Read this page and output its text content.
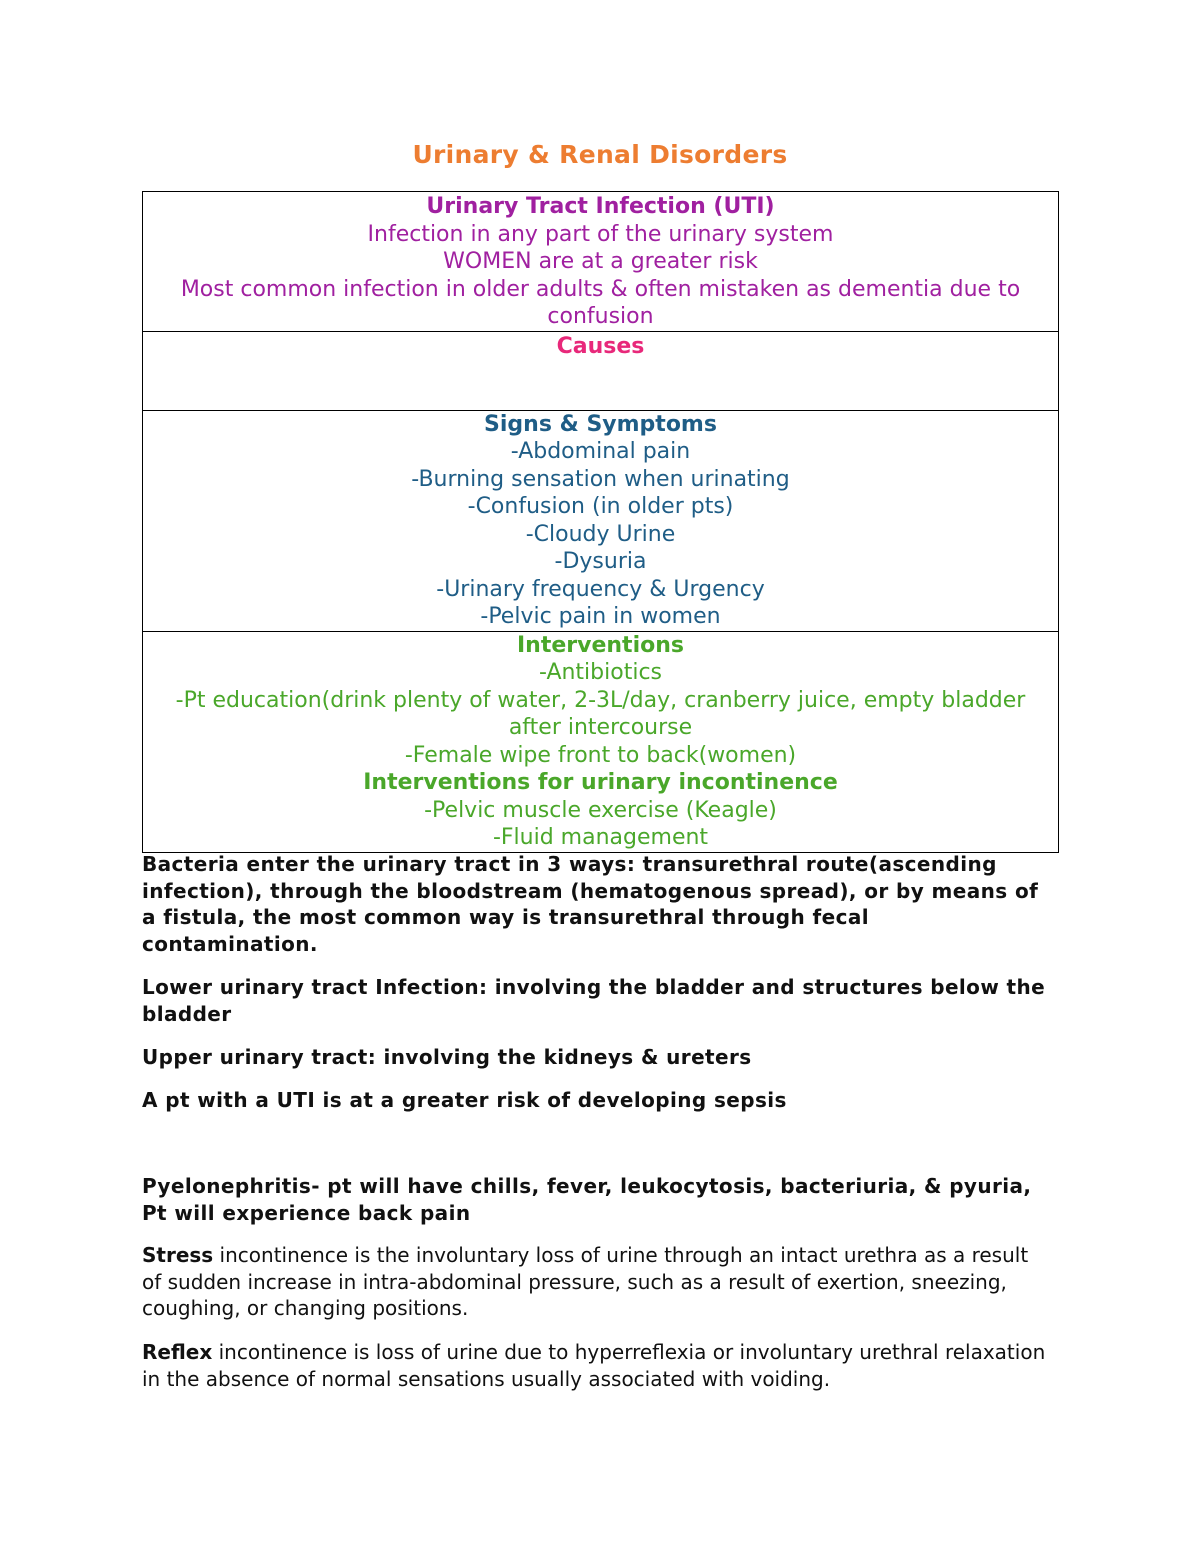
Urinary & Renal Disorders
Urinary Tract Infection (UTI)
Infection in any part of the urinary system
WOMEN are at a greater risk
Most common infection in older adults & often mistaken as dementia due to confusion

Causes

Signs & Symptoms
-Abdominal pain
-Burning sensation when urinating
-Confusion (in older pts)
-Cloudy Urine
-Dysuria
-Urinary frequency & Urgency
-Pelvic pain in women

Interventions
-Antibiotics
-Pt education(drink plenty of water, 2-3L/day, cranberry juice, empty bladder after intercourse
-Female wipe front to back(women)
Interventions for urinary incontinence
-Pelvic muscle exercise (Keagle)
-Fluid management

Bacteria enter the urinary tract in 3 ways: transurethral route(ascending infection), through the bloodstream (hematogenous spread), or by means of a fistula, the most common way is transurethral through fecal contamination.

Lower urinary tract Infection: involving the bladder and structures below the bladder

Upper urinary tract: involving the kidneys & ureters

A pt with a UTI is at a greater risk of developing sepsis

Pyelonephritis- pt will have chills, fever, leukocytosis, bacteriuria, & pyuria, Pt will experience back pain

Stress incontinence is the involuntary loss of urine through an intact urethra as a result of sudden increase in intra-abdominal pressure, such as a result of exertion, sneezing, coughing, or changing positions.

Reflex incontinence is loss of urine due to hyperreflexia or involuntary urethral relaxation in the absence of normal sensations usually associated with voiding.
